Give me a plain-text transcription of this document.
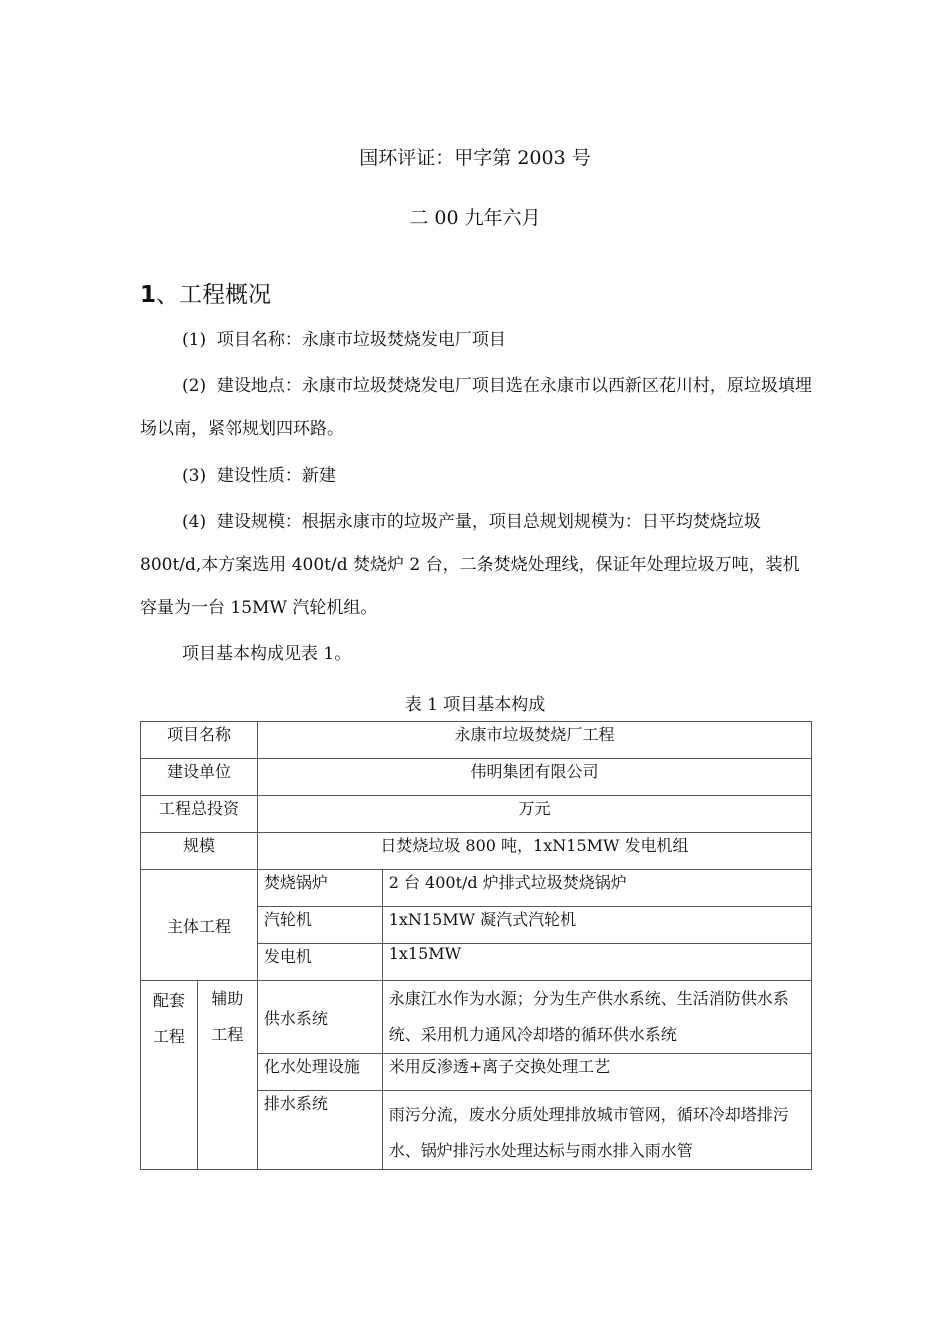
国环评证：甲字第 2003 号
二 00 九年六月
1、工程概况
(1) 项目名称：永康市垃圾焚烧发电厂项目
(2) 建设地点：永康市垃圾焚烧发电厂项目选在永康市以西新区花川村，原垃圾填埋场以南，紧邻规划四环路。
(3) 建设性质：新建
(4) 建设规模：根据永康市的垃圾产量，项目总规划规模为：日平均焚烧垃圾 800t/d,本方案选用 400t/d 焚烧炉 2 台，二条焚烧处理线，保证年处理垃圾万吨，装机容量为一台 15MW 汽轮机组。
项目基本构成见表 1。
表 1 项目基本构成
项目名称		永康市垃圾焚烧厂工程	
建设单位		伟明集团有限公司	
工程总投资		万元	
规模		日焚烧垃圾 800 吨，1xN15MW 发电机组	
主体工程		焚烧锅炉	2 台 400t/d 炉排式垃圾焚烧锅炉
		汽轮机	1xN15MW 凝汽式汽轮机
		发电机	1x15MW
配套工程	辅助工程	供水系统	永康江水作为水源；分为生产供水系统、生活消防供水系统、采用机力通风冷却塔的循环供水系统
		化水处理设施	米用反渗透+离子交换处理工艺
		排水系统	雨污分流，废水分质处理排放城市管网，循环冷却塔排污水、锅炉排污水处理达标与雨水排入雨水管
